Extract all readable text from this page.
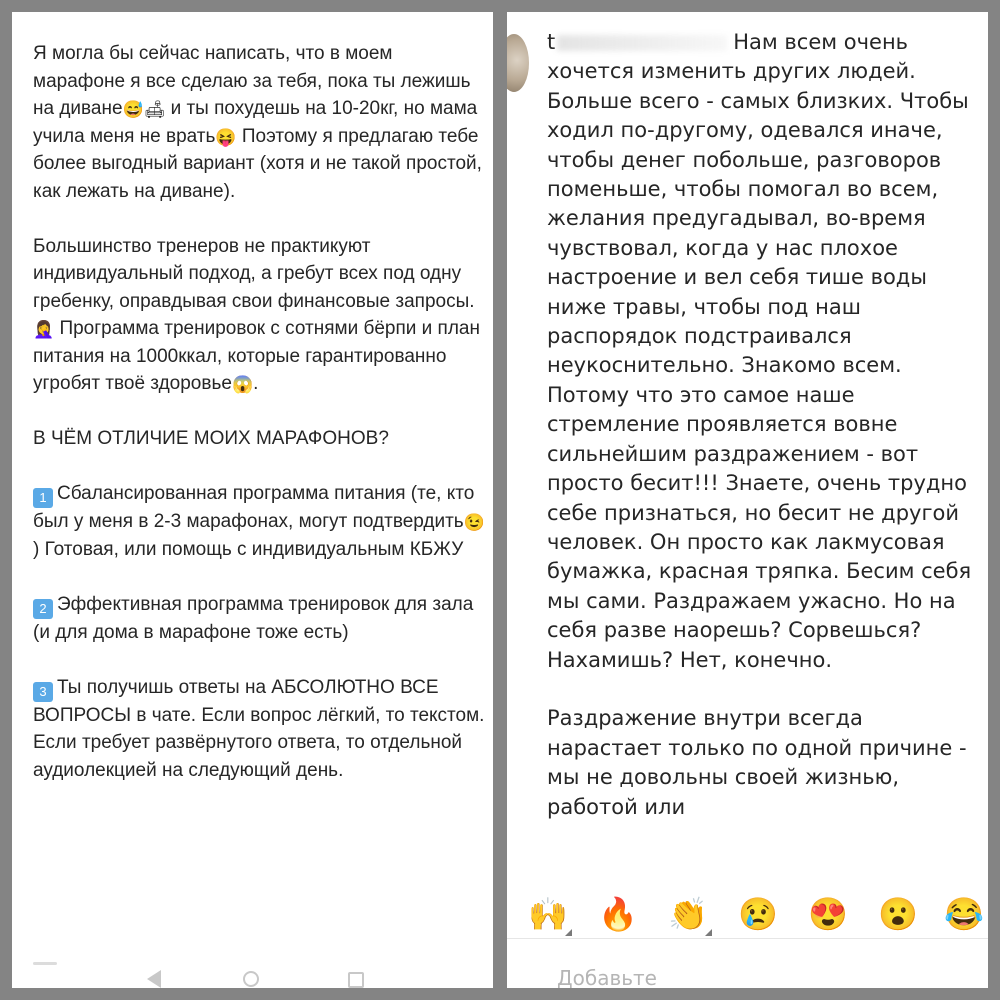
Я могла бы сейчас написать, что в моем марафоне я все сделаю за тебя, пока ты лежишь на диване😅🛋 и ты похудешь на 10-20кг, но мама учила меня не врать😝 Поэтому я предлагаю тебе более выгодный вариант (хотя и не такой простой, как лежать на диване).

Большинство тренеров не практикуют индивидуальный подход, а гребут всех под одну гребенку, оправдывая свои финансовые запросы.🤦‍♀️ Программа тренировок с сотнями бёрпи и план питания на 1000ккал, которые гарантированно угробят твоё здоровье😱.

В ЧЁМ ОТЛИЧИЕ МОИХ МАРАФОНОВ?

1 Сбалансированная программа питания (те, кто был у меня в 2-3 марафонах, могут подтвердить😉) Готовая, или помощь с индивидуальным КБЖУ

2 Эффективная программа тренировок для зала (и для дома в марафоне тоже есть)

3 Ты получишь ответы на АБСОЛЮТНО ВСЕ ВОПРОСЫ в чате. Если вопрос лёгкий, то текстом. Если требует развёрнутого ответа, то отдельной аудиолекцией на следующий день.

t	Нам всем очень хочется изменить других людей. Больше всего - самых близких. Чтобы ходил по-другому, одевался иначе, чтобы денег побольше, разговоров поменьше, чтобы помогал во всем, желания предугадывал, во-время чувствовал, когда у нас плохое настроение и вел себя тише воды ниже травы, чтобы под наш распорядок подстраивался неукоснительно. Знакомо всем. Потому что это самое наше стремление проявляется вовне сильнейшим раздражением - вот просто бесит!!! Знаете, очень трудно себе признаться, но бесит не другой человек. Он просто как лакмусовая бумажка, красная тряпка. Бесим себя мы сами. Раздражаем ужасно. Но на себя разве наорешь? Сорвешься? Нахамишь? Нет, конечно.

Раздражение внутри всегда нарастает только по одной причине - мы не довольны своей жизнью, работой или

🙌 🔥 👏 😢 😍 😮 😂
Добавьте
